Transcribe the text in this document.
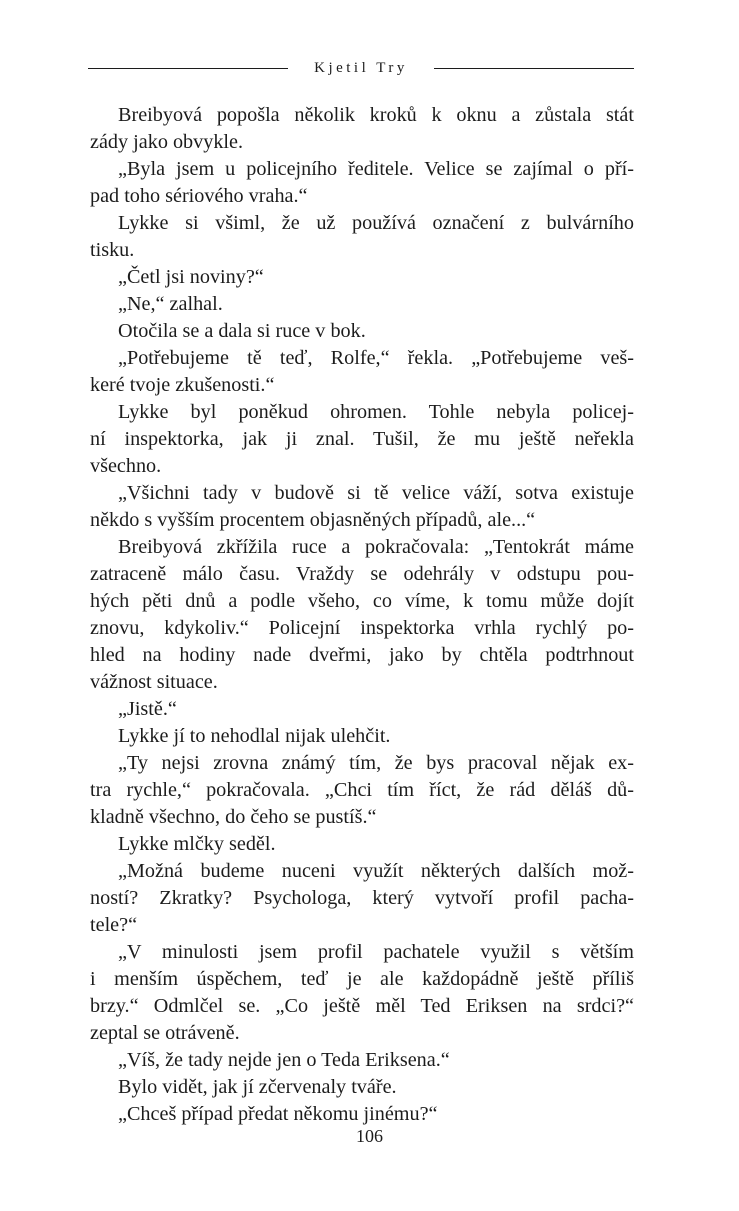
Kjetil Try
Breibyová popošla několik kroků k oknu a zůstala stát
zády jako obvykle.
„Byla jsem u policejního ředitele. Velice se zajímal o pří-
pad toho sériového vraha.“
Lykke si všiml, že už používá označení z bulvárního
tisku.
„Četl jsi noviny?“
„Ne,“ zalhal.
Otočila se a dala si ruce v bok.
„Potřebujeme tě teď, Rolfe,“ řekla. „Potřebujeme veš-
keré tvoje zkušenosti.“
Lykke byl poněkud ohromen. Tohle nebyla policej-
ní inspektorka, jak ji znal. Tušil, že mu ještě neřekla
všechno.
„Všichni tady v budově si tě velice váží, sotva existuje
někdo s vyšším procentem objasněných případů, ale...“
Breibyová zkřížila ruce a pokračovala: „Tentokrát máme
zatraceně málo času. Vraždy se odehrály v odstupu pou-
hých pěti dnů a podle všeho, co víme, k tomu může dojít
znovu, kdykoliv.“ Policejní inspektorka vrhla rychlý po-
hled na hodiny nade dveřmi, jako by chtěla podtrhnout
vážnost situace.
„Jistě.“
Lykke jí to nehodlal nijak ulehčit.
„Ty nejsi zrovna známý tím, že bys pracoval nějak ex-
tra rychle,“ pokračovala. „Chci tím říct, že rád děláš dů-
kladně všechno, do čeho se pustíš.“
Lykke mlčky seděl.
„Možná budeme nuceni využít některých dalších mož-
ností? Zkratky? Psychologa, který vytvoří profil pacha-
tele?“
„V minulosti jsem profil pachatele využil s větším
i menším úspěchem, teď je ale každopádně ještě příliš
brzy.“ Odmlčel se. „Co ještě měl Ted Eriksen na srdci?“
zeptal se otráveně.
„Víš, že tady nejde jen o Teda Eriksena.“
Bylo vidět, jak jí zčervenaly tváře.
„Chceš případ předat někomu jinému?“
106
